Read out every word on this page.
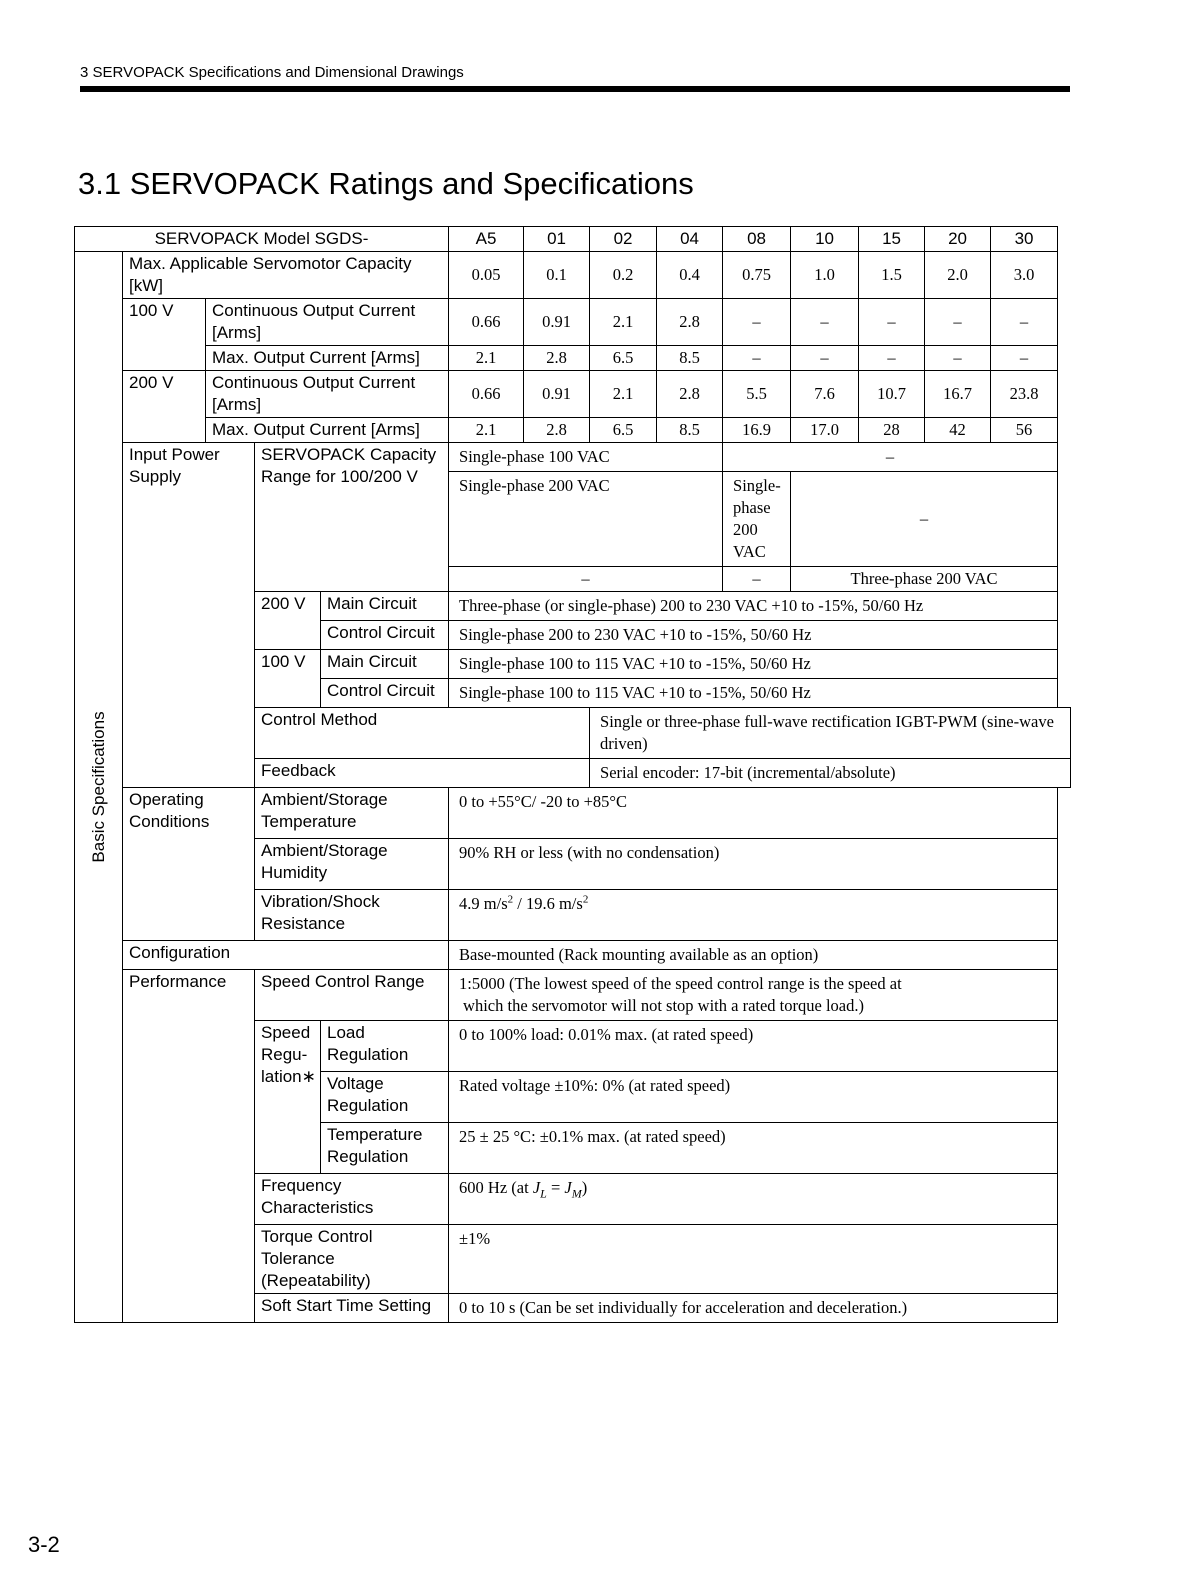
3 SERVOPACK Specifications and Dimensional Drawings
3.1 SERVOPACK Ratings and Specifications
SERVOPACK Model SGDS-					A5	01	02	04	08	10	15	20	30

Basic Specifications	Max. Applicable Servomotor Capacity [kW]				0.05	0.1	0.2	0.4	0.75	1.0	1.5	2.0	3.0
	100 V	Continuous Output Current [Arms]			0.66	0.91	2.1	2.8	–	–	–	–	–
		Max. Output Current [Arms]			2.1	2.8	6.5	8.5	–	–	–	–	–
	200 V	Continuous Output Current [Arms]			0.66	0.91	2.1	2.8	5.5	7.6	10.7	16.7	23.8
		Max. Output Current [Arms]			2.1	2.8	6.5	8.5	16.9	17.0	28	42	56
	Input Power Supply		SERVOPACK Capacity Range for 100/200 V		Single-phase 100 VAC				–				
					Single-phase 200 VAC				Single-phase 200 VAC	–			
					–				–	Three-phase 200 VAC			
			200 V	Main Circuit	Three-phase (or single-phase) 200 to 230 VAC +10 to -15%, 50/60 Hz								
				Control Circuit	Single-phase 200 to 230 VAC +10 to -15%, 50/60 Hz								
			100 V	Main Circuit	Single-phase 100 to 115 VAC +10 to -15%, 50/60 Hz								
				Control Circuit	Single-phase 100 to 115 VAC +10 to -15%, 50/60 Hz								
			Control Method				Single or three-phase full-wave rectification IGBT-PWM (sine-wave driven)						
			Feedback				Serial encoder: 17-bit (incremental/absolute)						
	Operating Conditions		Ambient/Storage Temperature		0 to +55°C/ -20 to +85°C								
			Ambient/Storage Humidity		90% RH or less (with no condensation)								
			Vibration/Shock Resistance		4.9 $m/s^2 / 19.6$ $m/s^2$
	Configuration				Base-mounted (Rack mounting available as an option)								
	Performance		Speed Control Range		1:5000 (The lowest speed of the speed control range is the speed at
which the servomotor will not stop with a rated torque load.)								

			Speed Regu- lation∗	Load Regulation	0 to 100% load: 0.01% max. (at rated speed)								
				Voltage Regulation	Rated voltage ±10%: 0% (at rated speed)								
				Temperature Regulation	25 ± 25 °C: ±0.1% max. (at rated speed)								
			Frequency Characteristics		600 Hz (at $J_L = J_M$)								
			Torque Control Tolerance (Repeatability)		±1%								
			Soft Start Time Setting		0 to 10 s (Can be set individually for acceleration and deceleration.)								
3-2
